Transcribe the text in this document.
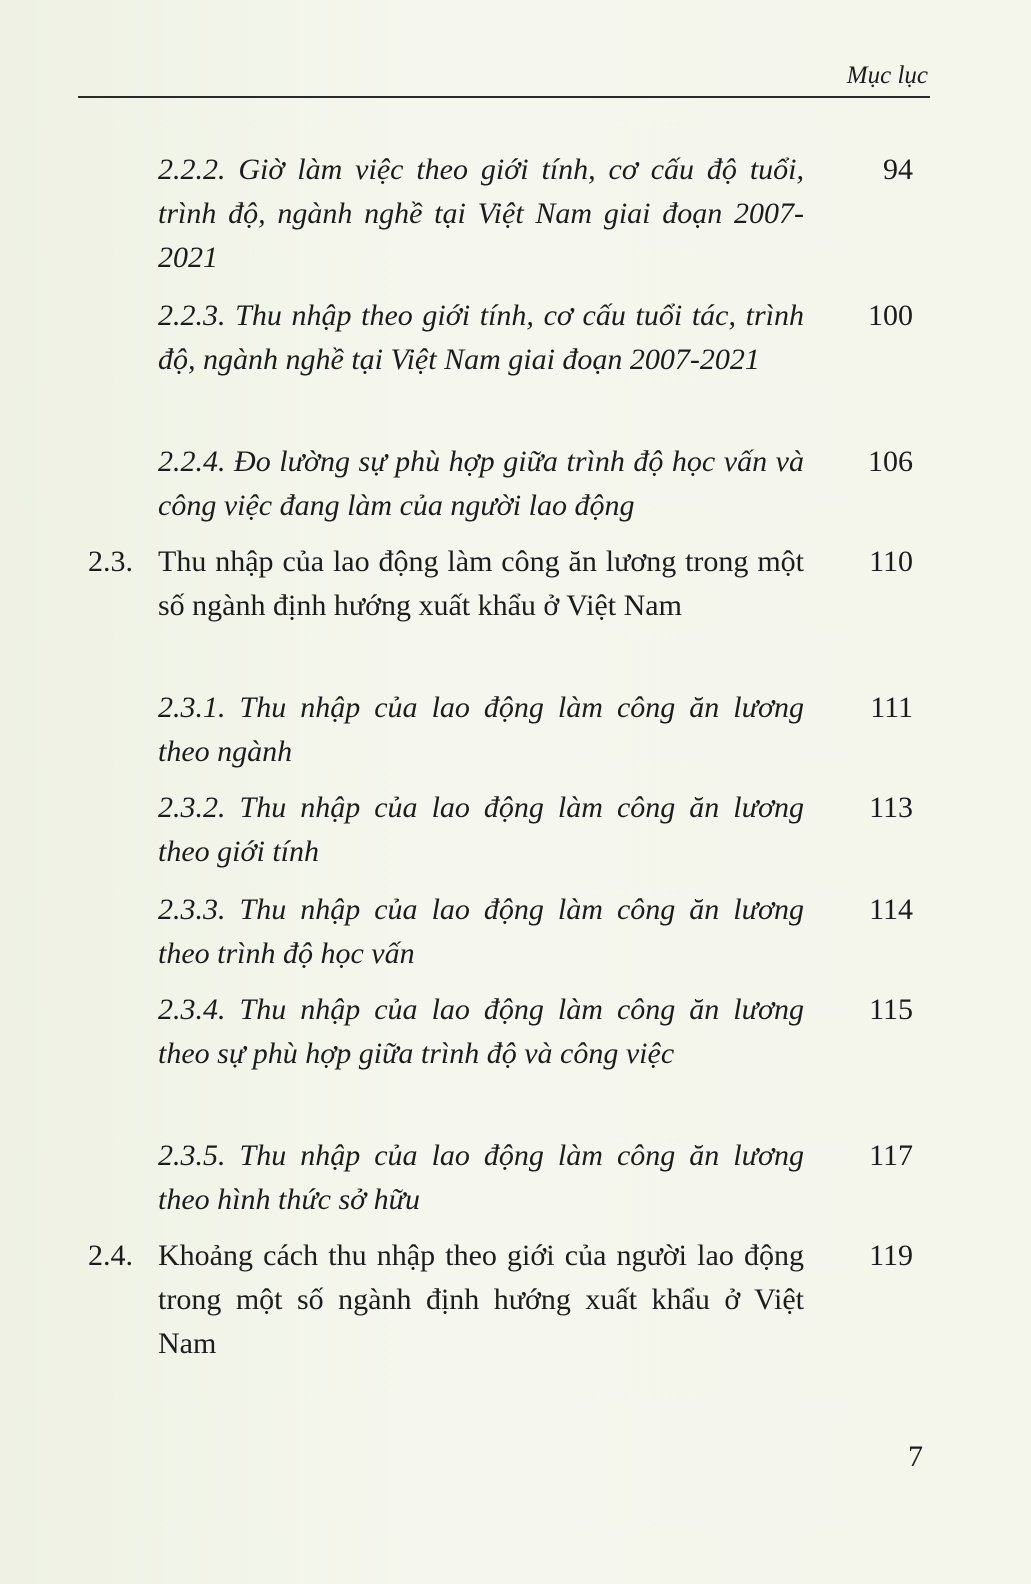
Mục lục
2.2.2. Giờ làm việc theo giới tính, cơ cấu độ tuổi, trình độ, ngành nghề tại Việt Nam giai đoạn 2007-2021
94
2.2.3. Thu nhập theo giới tính, cơ cấu tuổi tác, trình độ, ngành nghề tại Việt Nam giai đoạn 2007-2021
100
2.2.4. Đo lường sự phù hợp giữa trình độ học vấn và công việc đang làm của người lao động
106
2.3. Thu nhập của lao động làm công ăn lương trong một số ngành định hướng xuất khẩu ở Việt Nam
110
2.3.1. Thu nhập của lao động làm công ăn lương theo ngành
111
2.3.2. Thu nhập của lao động làm công ăn lương theo giới tính
113
2.3.3. Thu nhập của lao động làm công ăn lương theo trình độ học vấn
114
2.3.4. Thu nhập của lao động làm công ăn lương theo sự phù hợp giữa trình độ và công việc
115
2.3.5. Thu nhập của lao động làm công ăn lương theo hình thức sở hữu
117
2.4. Khoảng cách thu nhập theo giới của người lao động trong một số ngành định hướng xuất khẩu ở Việt Nam
119
7
